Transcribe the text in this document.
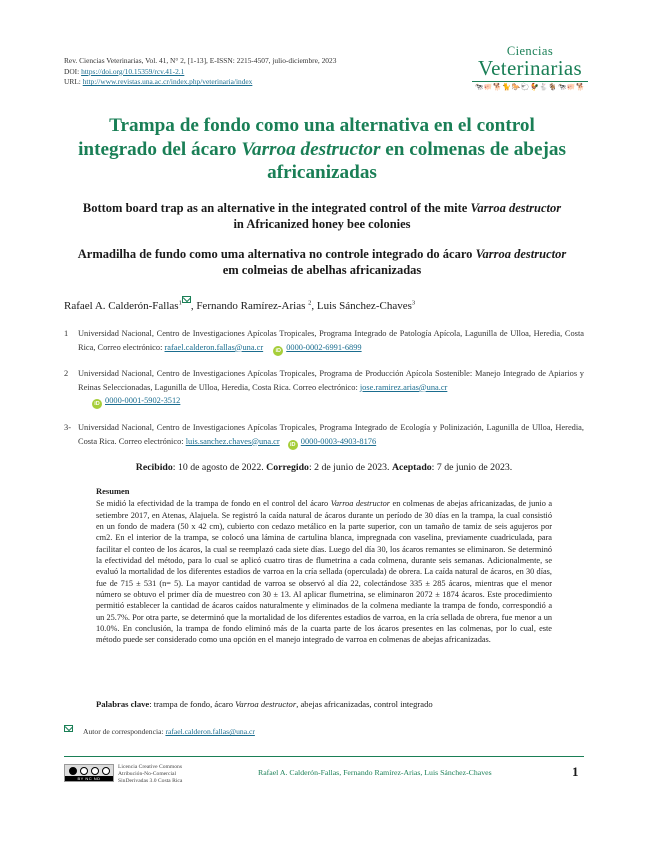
Rev. Ciencias Veterinarias, Vol. 41, N° 2, [1-13], E-ISSN: 2215-4507, julio-diciembre, 2023
DOI: https://doi.org/10.15359/rcv.41-2.1
URL: http://www.revistas.una.ac.cr/index.php/veterinaria/index
Ciencias
Veterinarias
🐄🐖🐕🐈🐎🐑🐓🐇🐐🐄🐖🐕
Trampa de fondo como una alternativa en el control
integrado del ácaro Varroa destructor en colmenas de abejas
africanizadas
Bottom board trap as an alternative in the integrated control of the mite Varroa destructor
in Africanized honey bee colonies
Armadilha de fundo como uma alternativa no controle integrado do ácaro Varroa destructor
em colmeias de abelhas africanizadas
Rafael A. Calderón-Fallas$^1$ , Fernando Ramírez-Arias $^2$, Luis Sánchez-Chaves$^3$
1 Universidad Nacional, Centro de Investigaciones Apícolas Tropicales, Programa Integrado de Patología Apícola, Lagunilla de Ulloa, Heredia, Costa Rica, Correo electrónico: rafael.calderon.fallas@una.cr iD 0000-0002-6991-6899
2 Universidad Nacional, Centro de Investigaciones Apícolas Tropicales, Programa de Producción Apícola Sostenible: Manejo Integrado de Apiarios y Reinas Seleccionadas, Lagunilla de Ulloa, Heredia, Costa Rica. Correo electrónico: jose.ramirez.arias@una.cr
iD 0000-0001-5902-3512
3- Universidad Nacional, Centro de Investigaciones Apícolas Tropicales, Programa Integrado de Ecología y Polinización, Lagunilla de Ulloa, Heredia, Costa Rica. Correo electrónico: luis.sanchez.chaves@una.cr iD 0000-0003-4903-8176
Recibido: 10 de agosto de 2022. Corregido: 2 de junio de 2023. Aceptado: 7 de junio de 2023.
Resumen
Se midió la efectividad de la trampa de fondo en el control del ácaro Varroa destructor en colmenas de abejas africanizadas, de junio a setiembre 2017, en Atenas, Alajuela. Se registró la caída natural de ácaros durante un período de 30 días en la trampa, la cual consistió en un fondo de madera (50 x 42 cm), cubierto con cedazo metálico en la parte superior, con un tamaño de tamiz de seis agujeros por cm2. En el interior de la trampa, se colocó una lámina de cartulina blanca, impregnada con vaselina, previamente cuadriculada, para facilitar el conteo de los ácaros, la cual se reemplazó cada siete días. Luego del día 30, los ácaros remantes se eliminaron. Se determinó la efectividad del método, para lo cual se aplicó cuatro tiras de flumetrina a cada colmena, durante seis semanas. Adicionalmente, se evaluó la mortalidad de los diferentes estadios de varroa en la cría sellada (operculada) de obrera. La caída natural de ácaros, en 30 días, fue de 715 ± 531 (n= 5). La mayor cantidad de varroa se observó al día 22, colectándose 335 ± 285 ácaros, mientras que el menor número se obtuvo el primer día de muestreo con 30 ± 13. Al aplicar flumetrina, se eliminaron 2072 ± 1874 ácaros. Este procedimiento permitió establecer la cantidad de ácaros caídos naturalmente y eliminados de la colmena mediante la trampa de fondo, correspondió a un 25.7%. Por otra parte, se determinó que la mortalidad de los diferentes estadios de varroa, en la cría sellada de obrera, fue menor a un 10.0%. En conclusión, la trampa de fondo eliminó más de la cuarta parte de los ácaros presentes en las colmenas, por lo cual, este método puede ser considerado como una opción en el manejo integrado de varroa en colmenas de abejas africanizadas.
Palabras clave: trampa de fondo, ácaro Varroa destructor, abejas africanizadas, control integrado
Autor de correspondencia: rafael.calderon.fallas@una.cr
BY NC ND
Licencia Creative Commons
Atribución-No-Comercial
SinDerivadas 3.0 Costa Rica
Rafael A. Calderón-Fallas, Fernando Ramírez-Arias, Luis Sánchez-Chaves	1
